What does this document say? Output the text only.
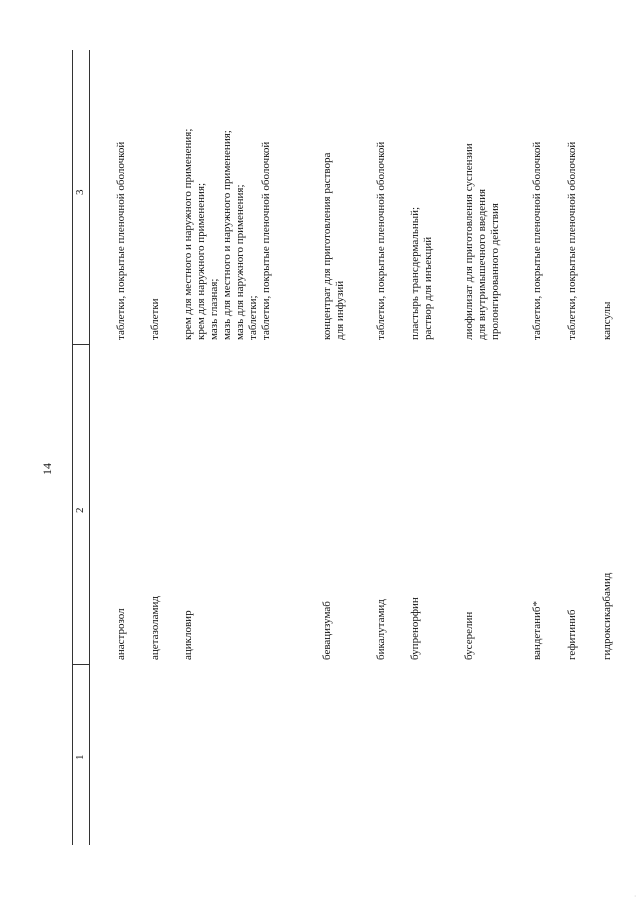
14
1
2
3
анастрозол
таблетки, покрытые пленочной оболочкой
ацетазоламид
таблетки
ацикловир
крем для местного и наружного применения; крем для наружного применения; мазь глазная; мазь для местного и наружного применения; мазь для наружного применения; таблетки; таблетки, покрытые пленочной оболочкой
бевацизумаб
концентрат для приготовления раствора для инфузий
бикалутамид
таблетки, покрытые пленочной оболочкой
бупренорфин
пластырь трансдермальный; раствор для инъекций
бусерелин
лиофилизат для приготовления суспензии для внутримышечного введения пролонгированного действия
вандетаниб*
таблетки, покрытые пленочной оболочкой
гефитиниб
таблетки, покрытые пленочной оболочкой
гидроксикарбамид
капсулы
·
